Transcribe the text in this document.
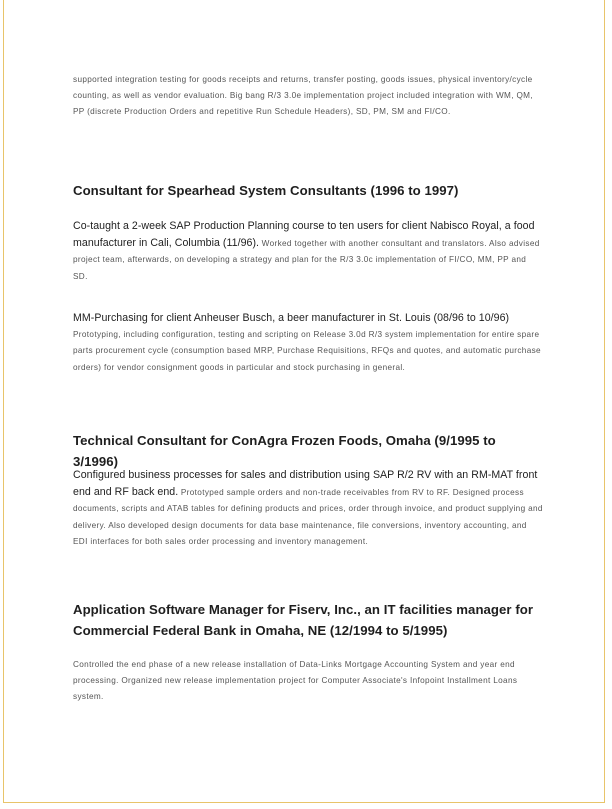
supported integration testing for goods receipts and returns, transfer posting, goods issues, physical inventory/cycle counting, as well as vendor evaluation. Big bang R/3 3.0e implementation project included integration with WM, QM, PP (discrete Production Orders and repetitive Run Schedule Headers), SD, PM, SM and FI/CO.

Consultant for Spearhead System Consultants (1996 to 1997)

Co-taught a 2-week SAP Production Planning course to ten users for client Nabisco Royal, a food manufacturer in Cali, Columbia (11/96). Worked together with another consultant and translators. Also advised project team, afterwards, on developing a strategy and plan for the R/3 3.0c implementation of FI/CO, MM, PP and SD.

MM-Purchasing for client Anheuser Busch, a beer manufacturer in St. Louis (08/96 to 10/96) Prototyping, including configuration, testing and scripting on Release 3.0d R/3 system implementation for entire spare parts procurement cycle (consumption based MRP, Purchase Requisitions, RFQs and quotes, and automatic purchase orders) for vendor consignment goods in particular and stock purchasing in general.

Technical Consultant for ConAgra Frozen Foods, Omaha (9/1995 to 3/1996)

Configured business processes for sales and distribution using SAP R/2 RV with an RM-MAT front end and RF back end. Prototyped sample orders and non-trade receivables from RV to RF. Designed process documents, scripts and ATAB tables for defining products and prices, order through invoice, and product supplying and delivery. Also developed design documents for data base maintenance, file conversions, inventory accounting, and EDI interfaces for both sales order processing and inventory management.

Application Software Manager for Fiserv, Inc., an IT facilities manager for Commercial Federal Bank in Omaha, NE (12/1994 to 5/1995)

Controlled the end phase of a new release installation of Data-Links Mortgage Accounting System and year end processing. Organized new release implementation project for Computer Associate's Infopoint Installment Loans system.
